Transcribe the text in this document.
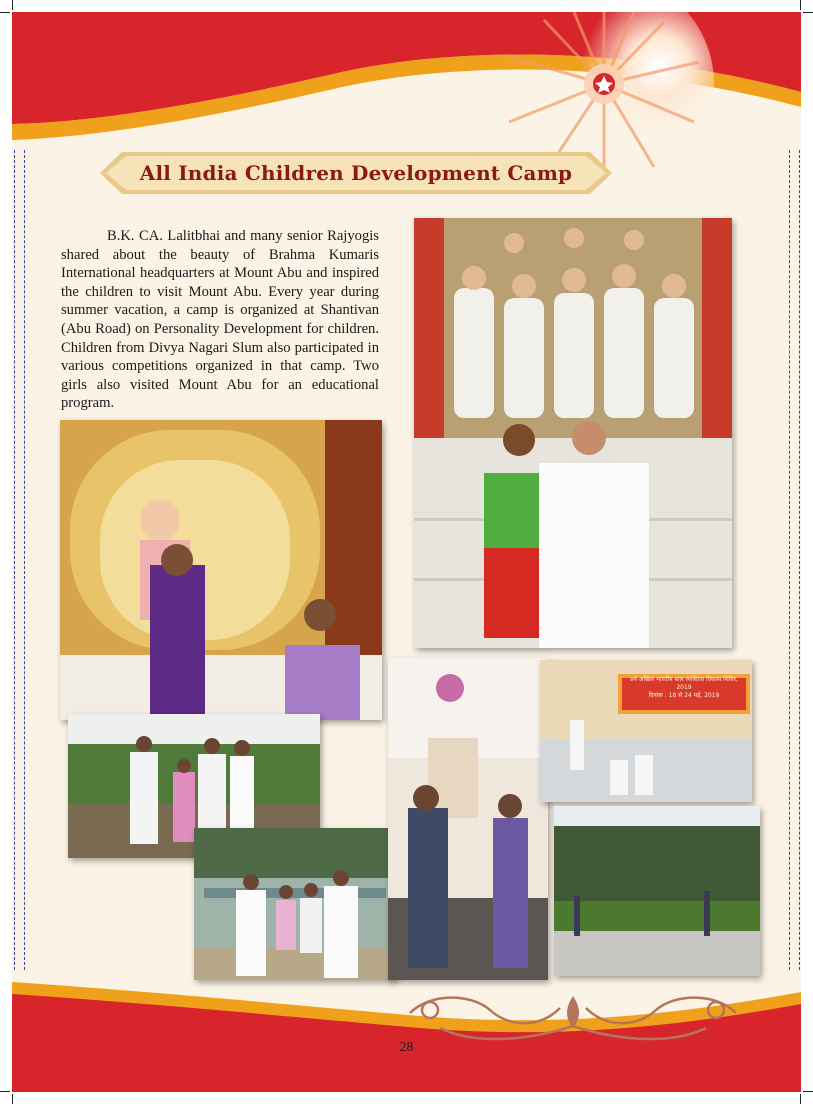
All India Children Development Camp
B.K. CA. Lalitbhai and many senior Rajyogis shared about the beauty of Brahma Kumaris International headquarters at Mount Abu and inspired the children to visit Mount Abu. Every year during summer vacation, a camp is organized at Shantivan (Abu Road) on Personality Development for children. Children from Divya Nagari Slum also participated in various competitions organized in that camp. Two girls also visited Mount Abu for an educational program.
४थे अखिल भारतीय बाल व्यक्तित्व विकास शिविर, 2019
दिनांक : 18 से 24 मई, 2019
28
